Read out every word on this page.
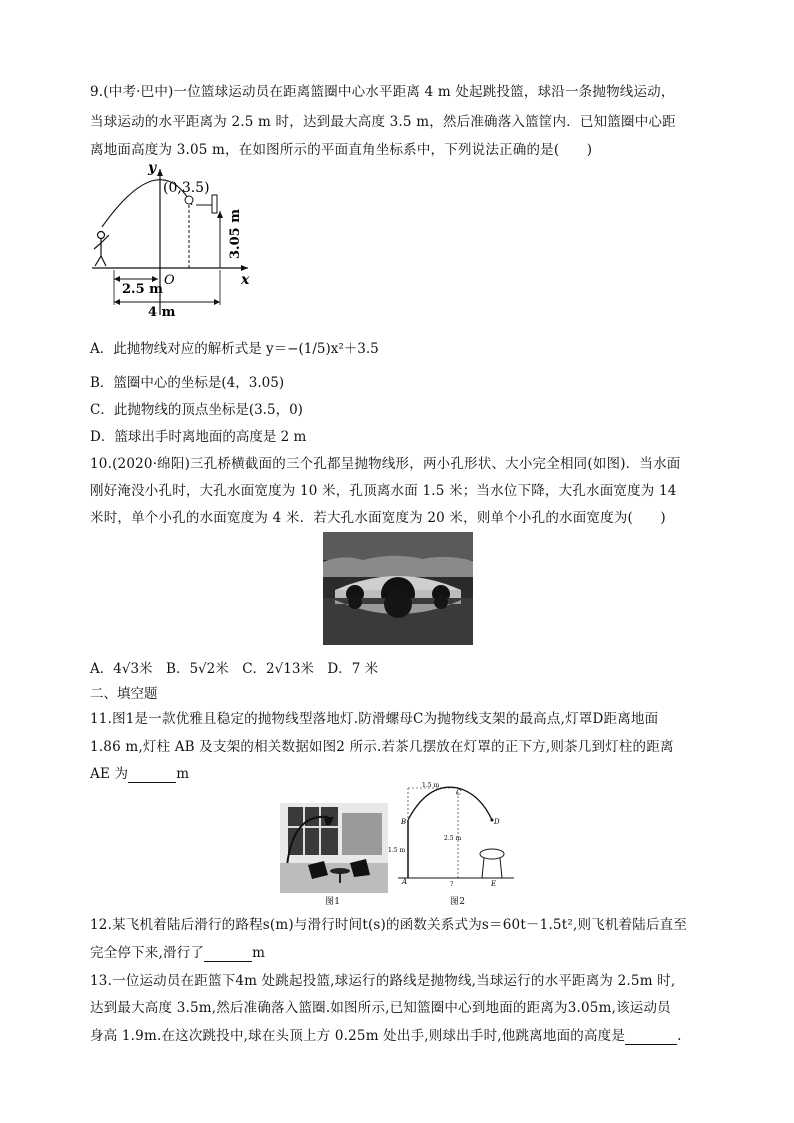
9.(中考·巴中)一位篮球运动员在距离篮圈中心水平距离 4 m 处起跳投篮，球沿一条抛物线运动，
当球运动的水平距离为 2.5 m 时，达到最大高度 3.5 m，然后准确落入篮筐内．已知篮圈中心距
离地面高度为 3.05 m，在如图所示的平面直角坐标系中，下列说法正确的是(　　)
y
x
O
(0,3.5)
3.05 m
2.5 m
4 m
A．此抛物线对应的解析式是 y＝−(1/5)x²＋3.5
B．篮圈中心的坐标是(4，3.05)
C．此抛物线的顶点坐标是(3.5，0)
D．篮球出手时离地面的高度是 2 m
10.(2020·绵阳)三孔桥横截面的三个孔都呈抛物线形，两小孔形状、大小完全相同(如图)．当水面
刚好淹没小孔时，大孔水面宽度为 10 米，孔顶离水面 1.5 米；当水位下降，大孔水面宽度为 14
米时，单个小孔的水面宽度为 4 米．若大孔水面宽度为 20 米，则单个小孔的水面宽度为(　　)
A．4√3米　B．5√2米　C．2√13米　D．7 米
二、填空题
11.图1是一款优雅且稳定的抛物线型落地灯.防滑螺母C为抛物线支架的最高点,灯罩D距离地面
1.86 m,灯柱 AB 及支架的相关数据如图2 所示.若茶几摆放在灯罩的正下方,则茶几到灯柱的距离
AE 为	m
图1
1.5 m
2.5 m
1.5 m
?
A
B
C
D
E
图2
12.某飞机着陆后滑行的路程s(m)与滑行时间t(s)的函数关系式为s＝60t－1.5t²,则飞机着陆后直至
完全停下来,滑行了	m
13.一位运动员在距篮下4m 处跳起投篮,球运行的路线是抛物线,当球运行的水平距离为 2.5m 时,
达到最大高度 3.5m,然后准确落入篮圈.如图所示,已知篮圈中心到地面的距离为3.05m,该运动员
身高 1.9m.在这次跳投中,球在头顶上方 0.25m 处出手,则球出手时,他跳离地面的高度是	.
